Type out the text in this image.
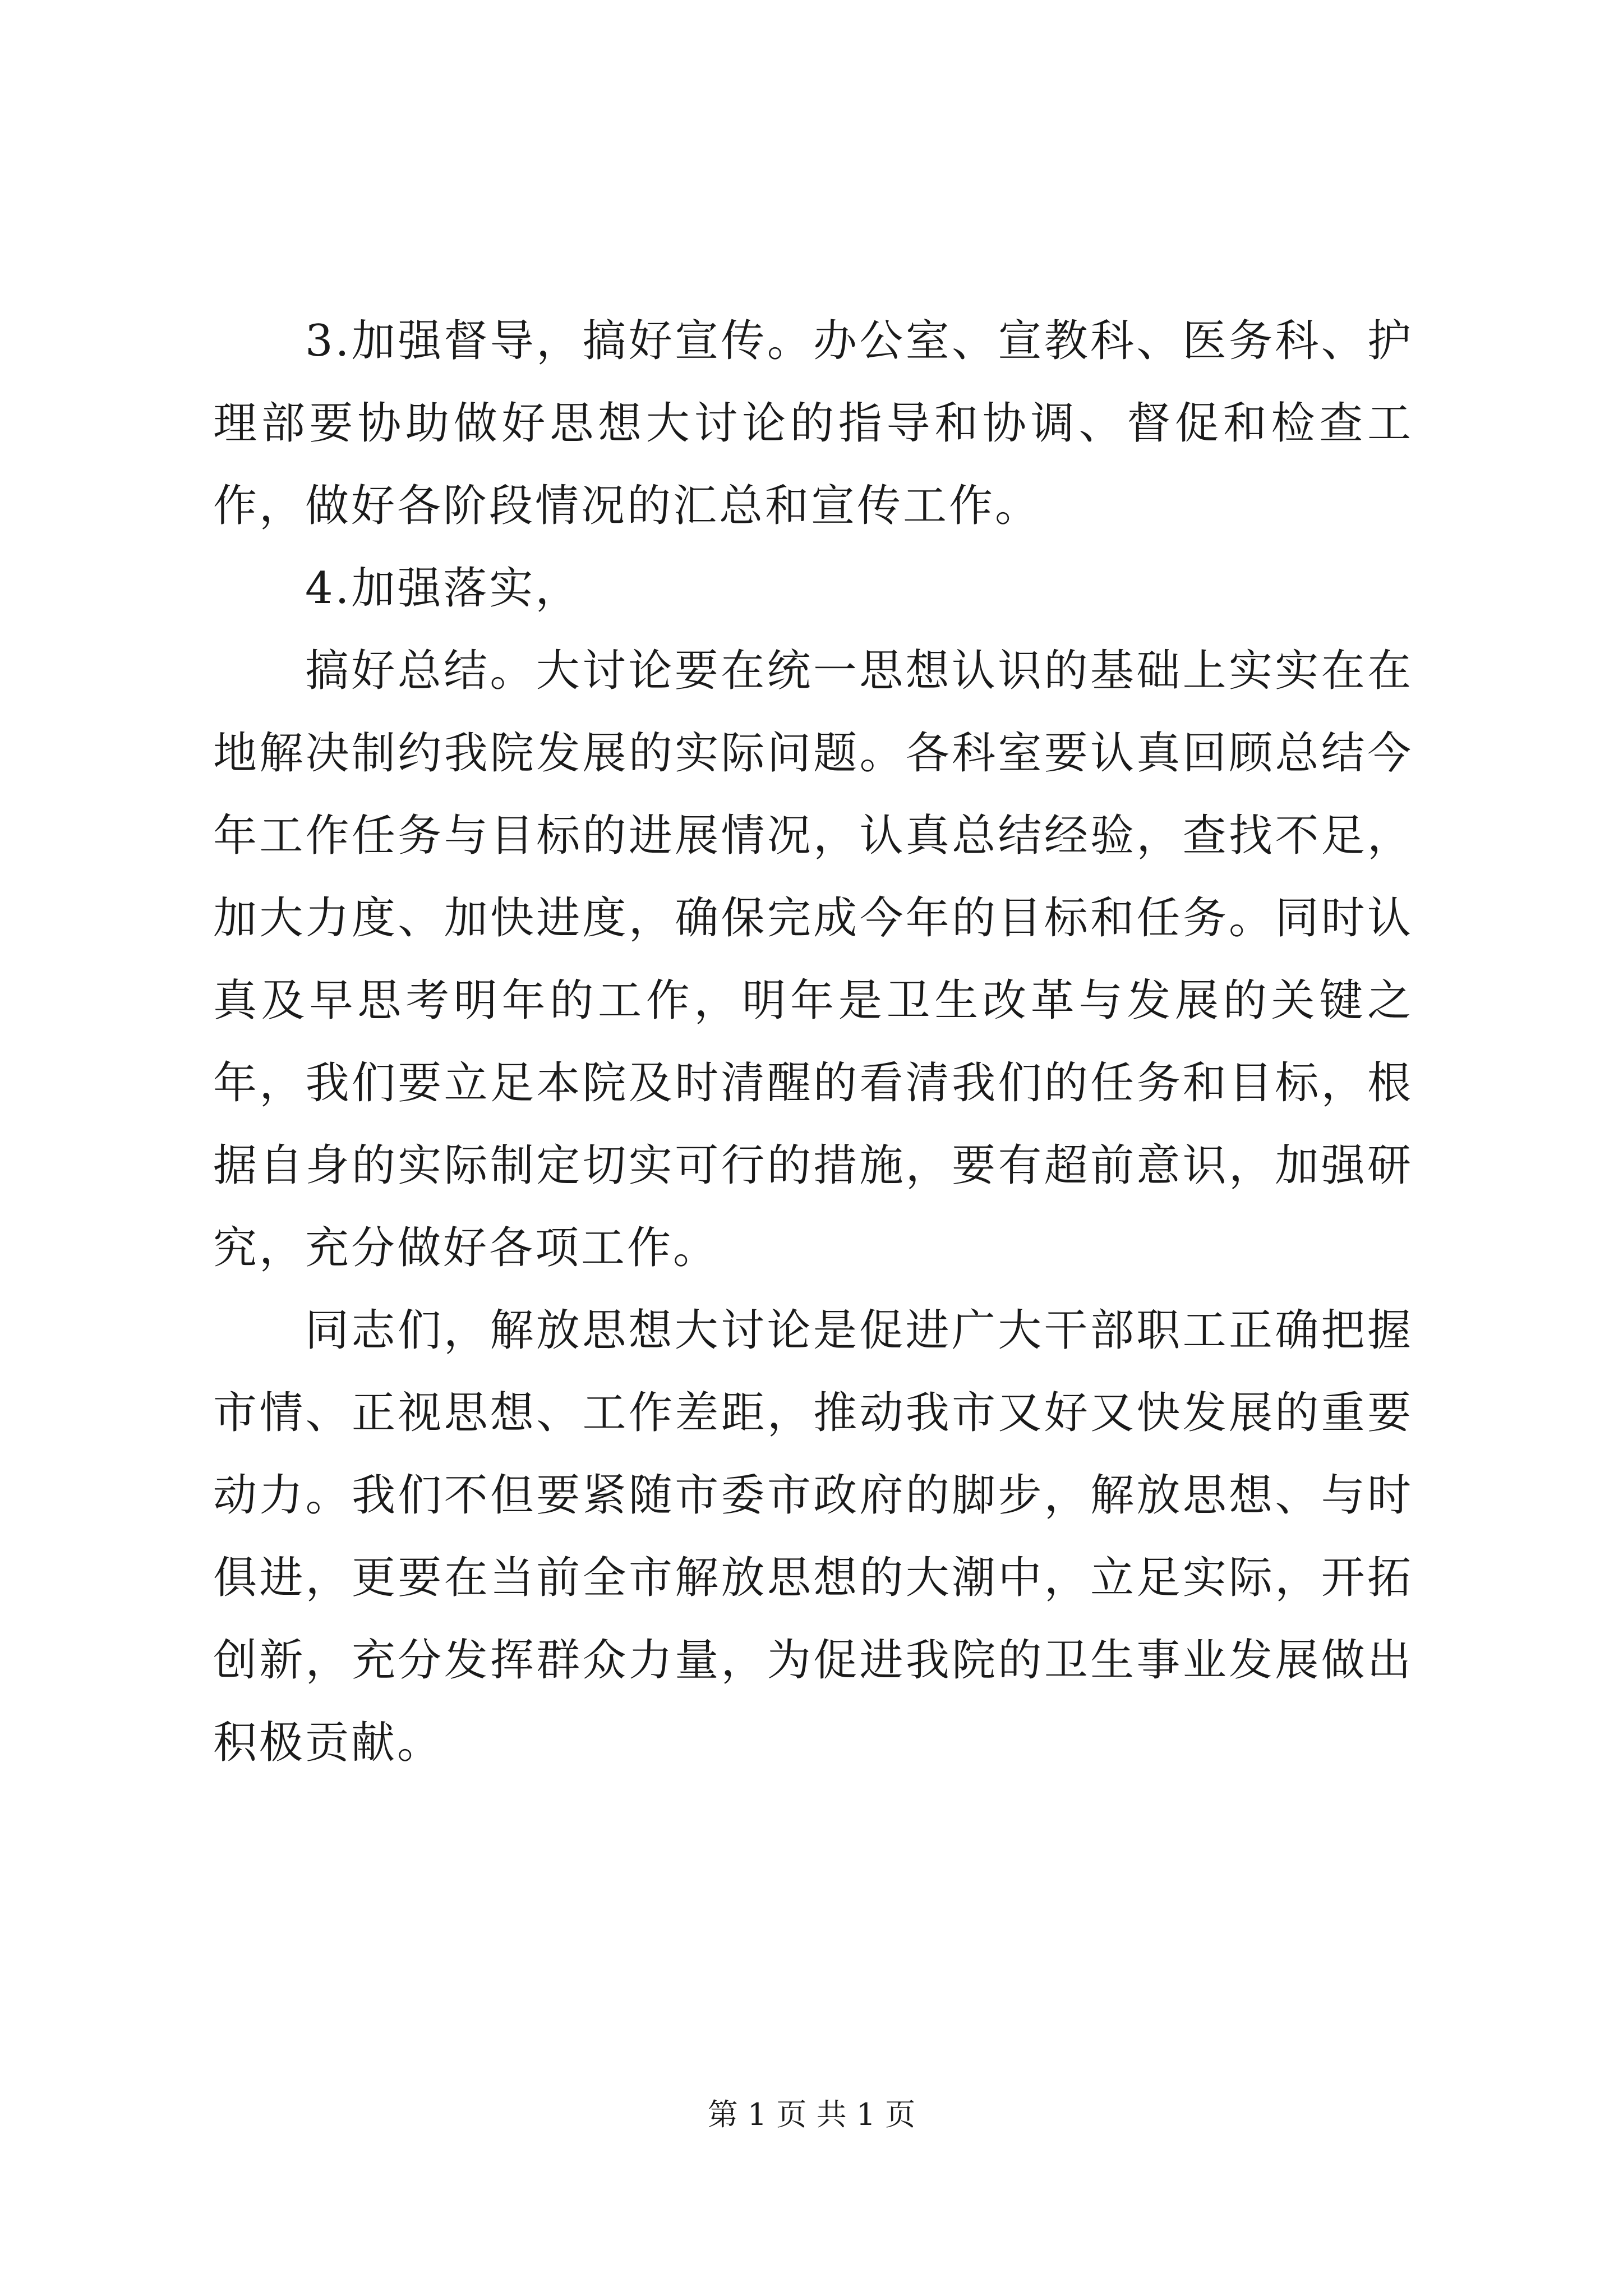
3.加强督导，搞好宣传。办公室、宣教科、医务科、护理部要协助做好思想大讨论的指导和协调、督促和检查工作，做好各阶段情况的汇总和宣传工作。

4.加强落实，

搞好总结。大讨论要在统一思想认识的基础上实实在在地解决制约我院发展的实际问题。各科室要认真回顾总结今年工作任务与目标的进展情况，认真总结经验，查找不足，加大力度、加快进度，确保完成今年的目标和任务。同时认真及早思考明年的工作，明年是卫生改革与发展的关键之年，我们要立足本院及时清醒的看清我们的任务和目标，根据自身的实际制定切实可行的措施，要有超前意识，加强研究，充分做好各项工作。

同志们，解放思想大讨论是促进广大干部职工正确把握市情、正视思想、工作差距，推动我市又好又快发展的重要动力。我们不但要紧随市委市政府的脚步，解放思想、与时俱进，更要在当前全市解放思想的大潮中，立足实际，开拓创新，充分发挥群众力量，为促进我院的卫生事业发展做出积极贡献。

第 1 页 共 1 页
